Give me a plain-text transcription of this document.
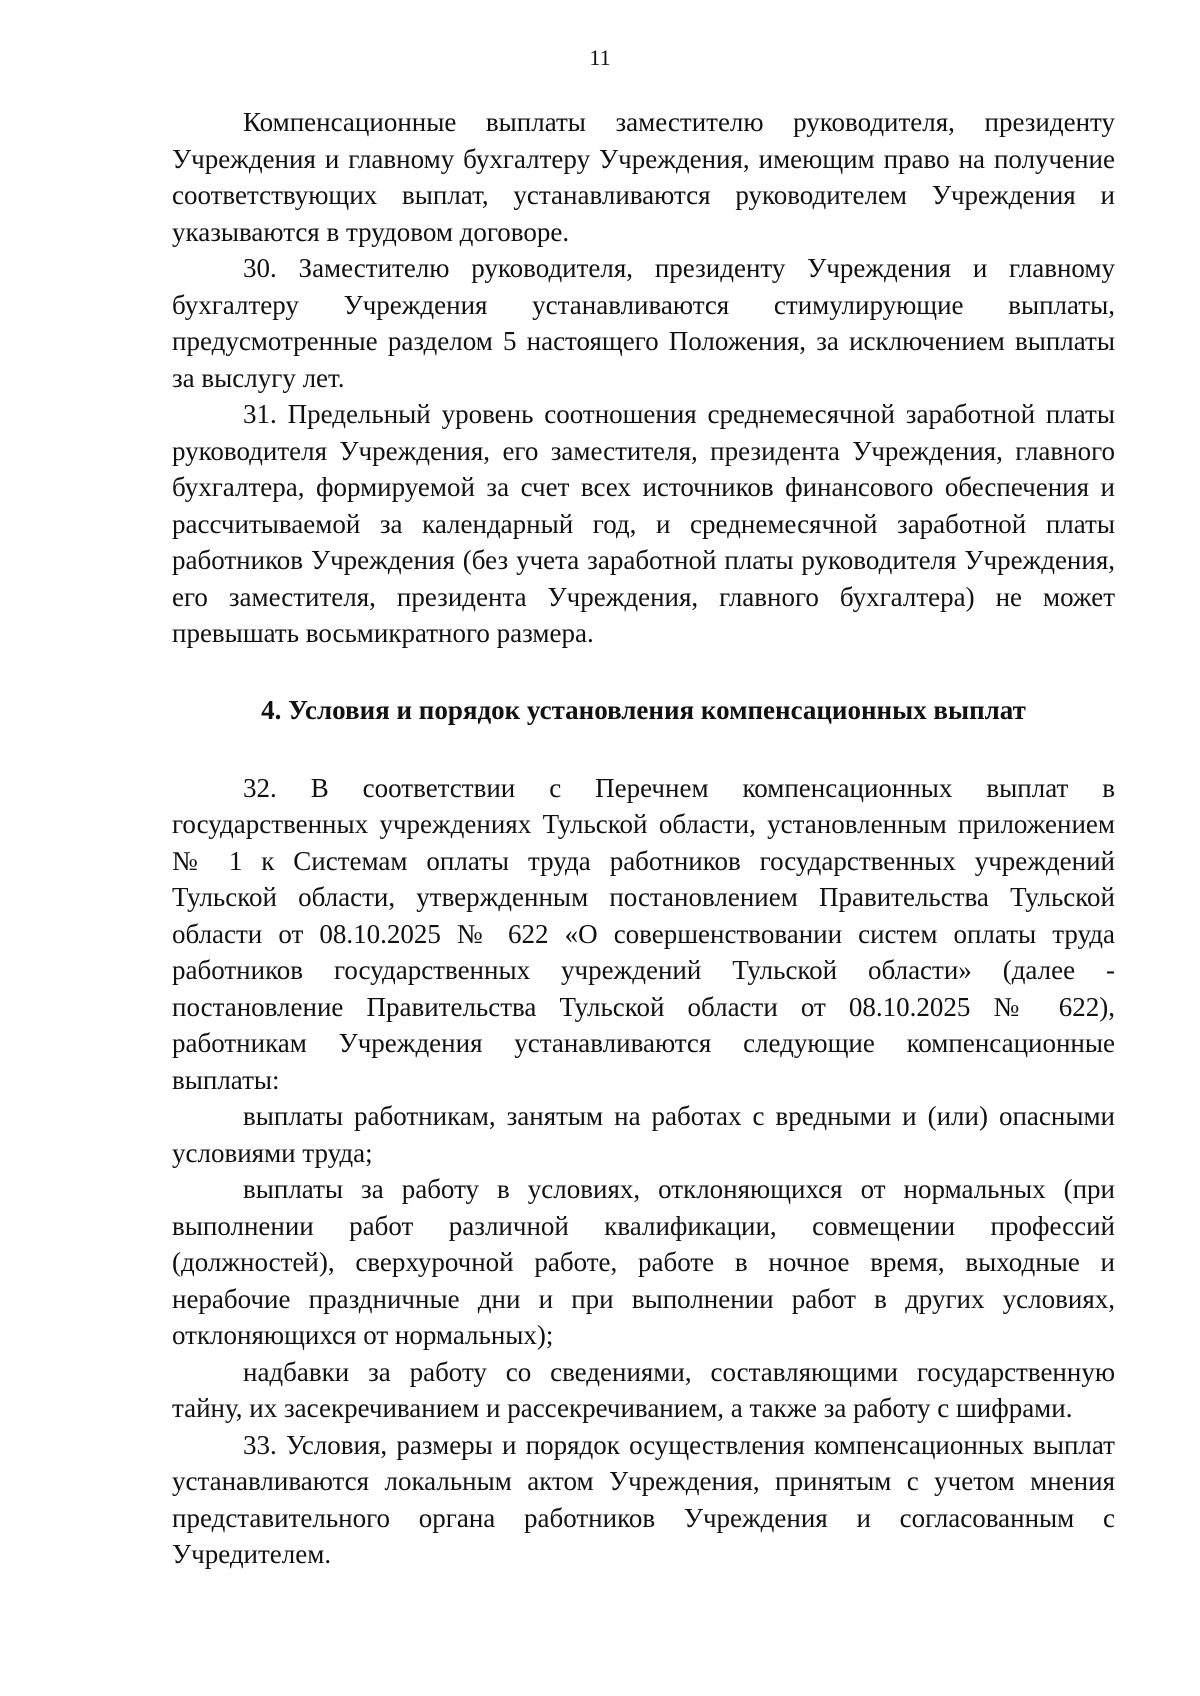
11

Компенсационные выплаты заместителю руководителя, президенту Учреждения и главному бухгалтеру Учреждения, имеющим право на получение соответствующих выплат, устанавливаются руководителем Учреждения и указываются в трудовом договоре.

30. Заместителю руководителя, президенту Учреждения и главному бухгалтеру Учреждения устанавливаются стимулирующие выплаты, предусмотренные разделом 5 настоящего Положения, за исключением выплаты за выслугу лет.

31. Предельный уровень соотношения среднемесячной заработной платы руководителя Учреждения, его заместителя, президента Учреждения, главного бухгалтера, формируемой за счет всех источников финансового обеспечения и рассчитываемой за календарный год, и среднемесячной заработной платы работников Учреждения (без учета заработной платы руководителя Учреждения, его заместителя, президента Учреждения, главного бухгалтера) не может превышать восьмикратного размера.

4. Условия и порядок установления компенсационных выплат

32. В соответствии с Перечнем компенсационных выплат в государственных учреждениях Тульской области, установленным приложением № 1 к Системам оплаты труда работников государственных учреждений Тульской области, утвержденным постановлением Правительства Тульской области от 08.10.2025 № 622 «О совершенствовании систем оплаты труда работников государственных учреждений Тульской области» (далее - постановление Правительства Тульской области от 08.10.2025 № 622), работникам Учреждения устанавливаются следующие компенсационные выплаты:

выплаты работникам, занятым на работах с вредными и (или) опасными условиями труда;

выплаты за работу в условиях, отклоняющихся от нормальных (при выполнении работ различной квалификации, совмещении профессий (должностей), сверхурочной работе, работе в ночное время, выходные и нерабочие праздничные дни и при выполнении работ в других условиях, отклоняющихся от нормальных);

надбавки за работу со сведениями, составляющими государственную тайну, их засекречиванием и рассекречиванием, а также за работу с шифрами.

33. Условия, размеры и порядок осуществления компенсационных выплат устанавливаются локальным актом Учреждения, принятым с учетом мнения представительного органа работников Учреждения и согласованным с Учредителем.
